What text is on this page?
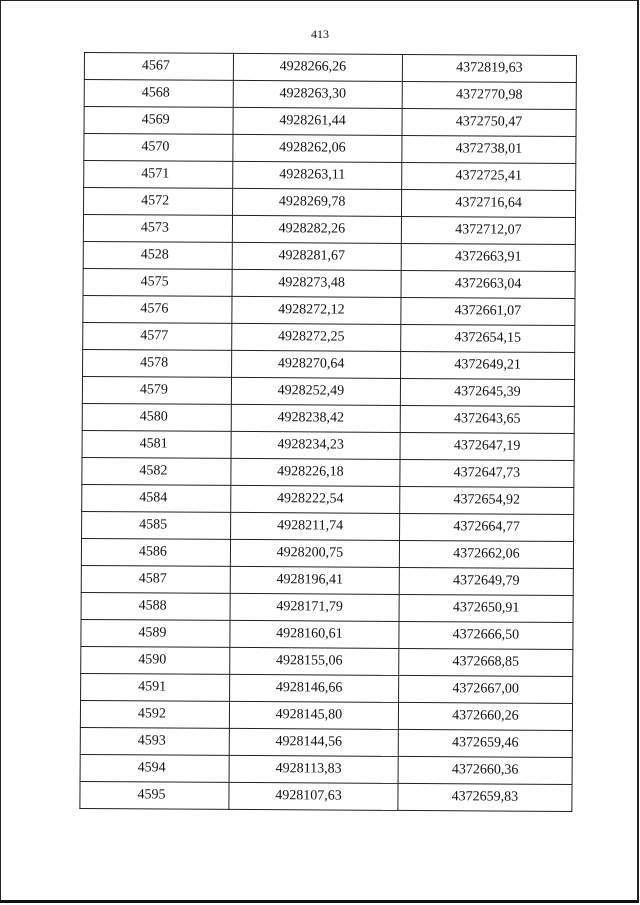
413
4567	4928266,26	4372819,63
4568	4928263,30	4372770,98
4569	4928261,44	4372750,47
4570	4928262,06	4372738,01
4571	4928263,11	4372725,41
4572	4928269,78	4372716,64
4573	4928282,26	4372712,07
4528	4928281,67	4372663,91
4575	4928273,48	4372663,04
4576	4928272,12	4372661,07
4577	4928272,25	4372654,15
4578	4928270,64	4372649,21
4579	4928252,49	4372645,39
4580	4928238,42	4372643,65
4581	4928234,23	4372647,19
4582	4928226,18	4372647,73
4584	4928222,54	4372654,92
4585	4928211,74	4372664,77
4586	4928200,75	4372662,06
4587	4928196,41	4372649,79
4588	4928171,79	4372650,91
4589	4928160,61	4372666,50
4590	4928155,06	4372668,85
4591	4928146,66	4372667,00
4592	4928145,80	4372660,26
4593	4928144,56	4372659,46
4594	4928113,83	4372660,36
4595	4928107,63	4372659,83
